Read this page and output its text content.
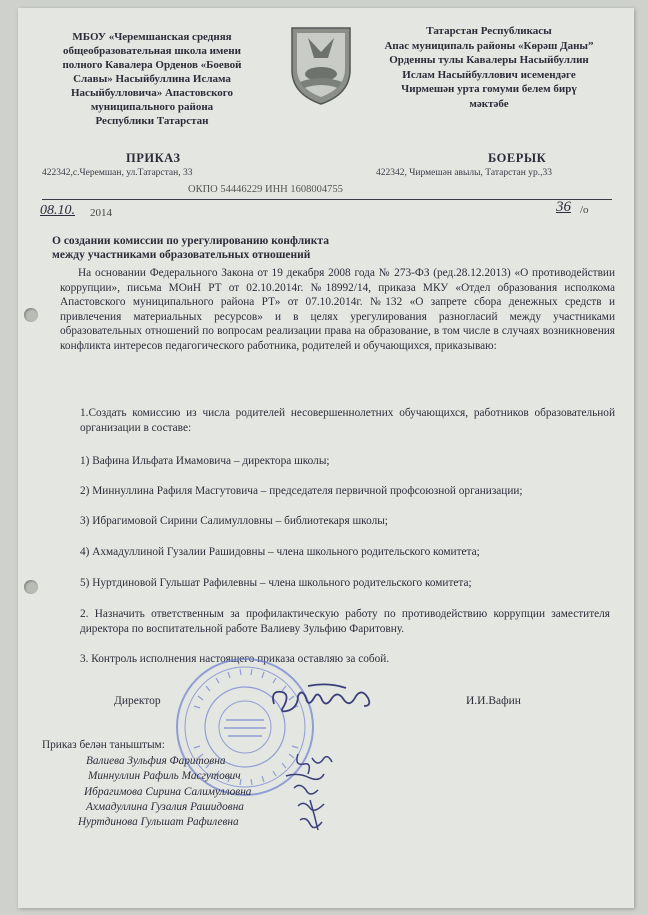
МБОУ «Черемшанская средняя
общеобразовательная школа имени
полного Кавалера Орденов «Боевой
Славы» Насыйбуллина Ислама
Насыйбулловича» Апастовского
муниципального района
Республики Татарстан
Татарстан Республикасы
Апас муниципаль районы «Көрәш Даны”
Орденны тулы Кавалеры Насыйбуллин
Ислам Насыйбуллович исемендәге
Чирмешән урта гомуми белем бирү
мәктәбе
ПРИКАЗ	БОЕРЫК
422342,с.Черемшан, ул.Татарстан, 33	422342, Чирмешән авылы, Татарстан ур.,33
ОКПО 54446229 ИНН 1608004755
08.10. 2014	36 /о
О создании комиссии по урегулированию конфликта
между участниками образовательных отношений

На основании Федерального Закона от 19 декабря 2008 года № 273-ФЗ (ред.28.12.2013) «О противодействии коррупции», письма МОиН РТ от 02.10.2014г. №18992/14, приказа МКУ «Отдел образования исполкома Апастовского муниципального района РТ» от 07.10.2014г. №132 «О запрете сбора денежных средств и привлечения материальных ресурсов» и в целях урегулирования разногласий между участниками образовательных отношений по вопросам реализации права на образование, в том числе в случаях возникновения конфликта интересов педагогического работника, родителей и обучающихся, приказываю:

1.Создать комиссию из числа родителей несовершеннолетних обучающихся, работников образовательной организации в составе:
1) Вафина Ильфата Имамовича – директора школы;
2) Миннуллина Рафиля Масгутовича – председателя первичной профсоюзной организации;
3) Ибрагимовой Сирини Салимулловны – библиотекаря школы;
4) Ахмадуллиной Гузалии Рашидовны – члена школьного родительского комитета;
5) Нуртдиновой Гульшат Рафилевны – члена школьного родительского комитета;
2. Назначить ответственным за профилактическую работу по противодействию коррупции заместителя директора по воспитательной работе Валиеву Зульфию Фаритовну.
3. Контроль исполнения настоящего приказа оставляю за собой.
Директор	И.И.Вафин
Приказ белән таныштым:
Валиева Зульфия Фаритовна
Миннуллин Рафиль Масгутович
Ибрагимова Сирина Салимулловна
Ахмадуллина Гузалия Рашидовна
Нуртдинова Гульшат Рафилевна
